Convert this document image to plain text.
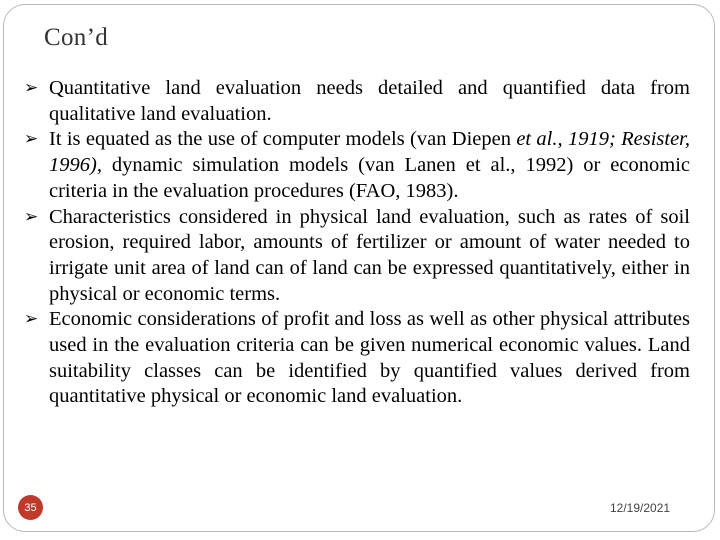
Con’d
➢ Quantitative land evaluation needs detailed and quantified data from qualitative land evaluation.
➢ It is equated as the use of computer models (van Diepen et al., 1919; Resister, 1996), dynamic simulation models (van Lanen et al., 1992) or economic criteria in the evaluation procedures (FAO, 1983).
➢ Characteristics considered in physical land evaluation, such as rates of soil erosion, required labor, amounts of fertilizer or amount of water needed to irrigate unit area of land can of land can be expressed quantitatively, either in physical or economic terms.
➢ Economic considerations of profit and loss as well as other physical attributes used in the evaluation criteria can be given numerical economic values. Land suitability classes can be identified by quantified values derived from quantitative physical or economic land evaluation.
35	12/19/2021
